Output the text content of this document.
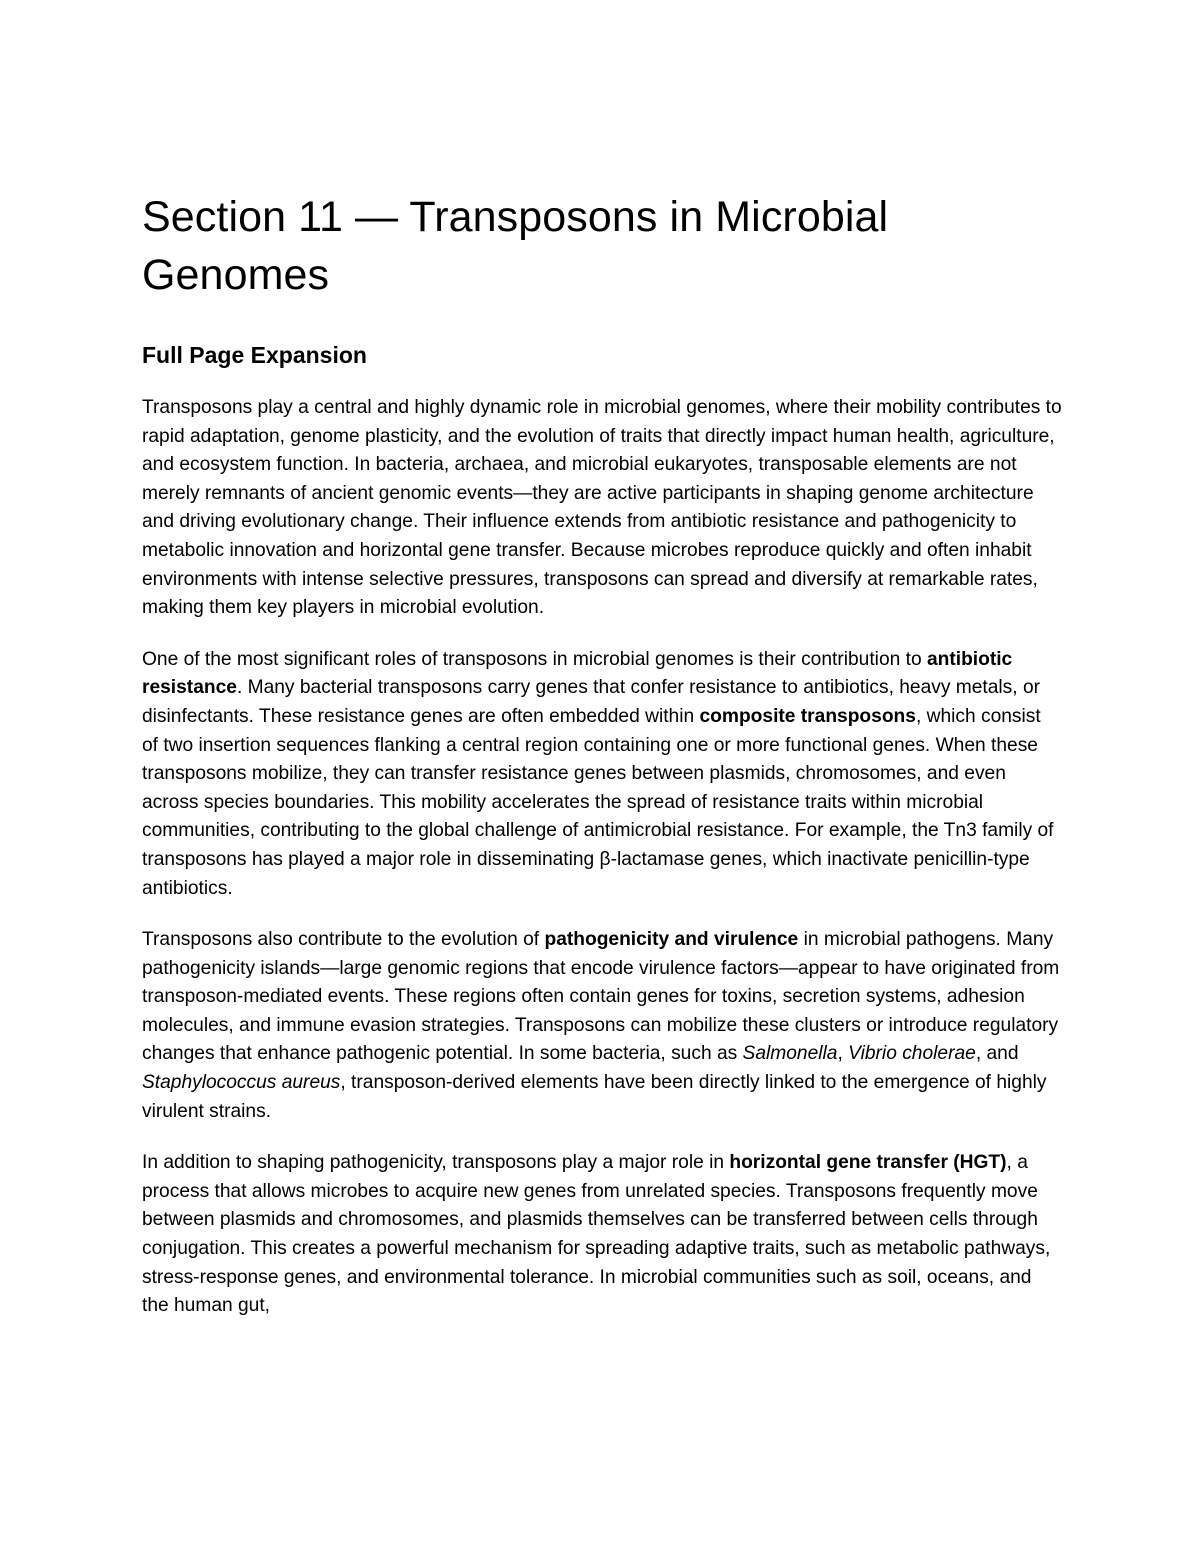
Section 11 — Transposons in Microbial Genomes
Full Page Expansion

Transposons play a central and highly dynamic role in microbial genomes, where their mobility contributes to rapid adaptation, genome plasticity, and the evolution of traits that directly impact human health, agriculture, and ecosystem function. In bacteria, archaea, and microbial eukaryotes, transposable elements are not merely remnants of ancient genomic events—they are active participants in shaping genome architecture and driving evolutionary change. Their influence extends from antibiotic resistance and pathogenicity to metabolic innovation and horizontal gene transfer. Because microbes reproduce quickly and often inhabit environments with intense selective pressures, transposons can spread and diversify at remarkable rates, making them key players in microbial evolution.

One of the most significant roles of transposons in microbial genomes is their contribution to antibiotic resistance. Many bacterial transposons carry genes that confer resistance to antibiotics, heavy metals, or disinfectants. These resistance genes are often embedded within composite transposons, which consist of two insertion sequences flanking a central region containing one or more functional genes. When these transposons mobilize, they can transfer resistance genes between plasmids, chromosomes, and even across species boundaries. This mobility accelerates the spread of resistance traits within microbial communities, contributing to the global challenge of antimicrobial resistance. For example, the Tn3 family of transposons has played a major role in disseminating β-lactamase genes, which inactivate penicillin-type antibiotics.

Transposons also contribute to the evolution of pathogenicity and virulence in microbial pathogens. Many pathogenicity islands—large genomic regions that encode virulence factors—appear to have originated from transposon-mediated events. These regions often contain genes for toxins, secretion systems, adhesion molecules, and immune evasion strategies. Transposons can mobilize these clusters or introduce regulatory changes that enhance pathogenic potential. In some bacteria, such as Salmonella, Vibrio cholerae, and Staphylococcus aureus, transposon-derived elements have been directly linked to the emergence of highly virulent strains.

In addition to shaping pathogenicity, transposons play a major role in horizontal gene transfer (HGT), a process that allows microbes to acquire new genes from unrelated species. Transposons frequently move between plasmids and chromosomes, and plasmids themselves can be transferred between cells through conjugation. This creates a powerful mechanism for spreading adaptive traits, such as metabolic pathways, stress-response genes, and environmental tolerance. In microbial communities such as soil, oceans, and the human gut,
